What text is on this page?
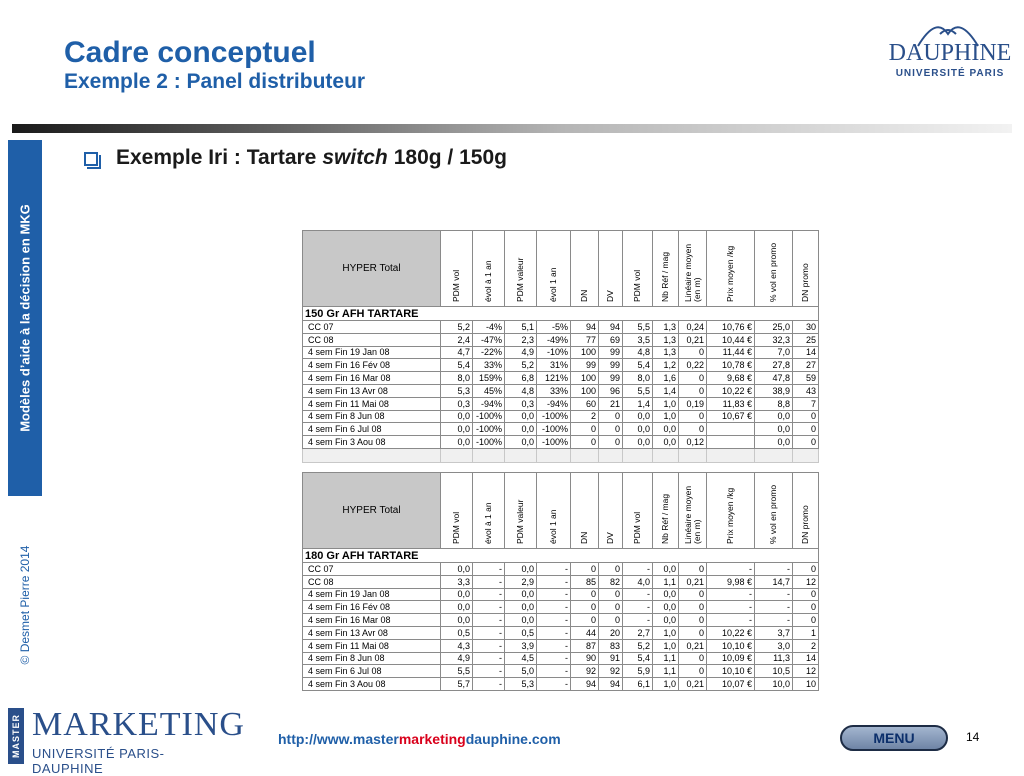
Cadre conceptuel
Exemple 2 : Panel distributeur
DAUPHINE
UNIVERSITÉ PARIS
Modèles d’aide à la décision en MKG
© Desmet Pierre 2014
Exemple Iri : Tartare switch 180g / 150g
HYPER Total	PDM vol	évol à 1 an	PDM valeur	évol 1 an	DN	DV	PDM vol	Nb Réf / mag	Linéaire moyen (en m)	Prix moyen /kg	% vol en promo	DN promo

150 Gr AFH TARTARE												
CC 07	5,2	-4%	5,1	-5%	94	94	5,5	1,3	0,24	10,76 €	25,0	30
CC 08	2,4	-47%	2,3	-49%	77	69	3,5	1,3	0,21	10,44 €	32,3	25
4 sem Fin 19 Jan 08	4,7	-22%	4,9	-10%	100	99	4,8	1,3	0	11,44 €	7,0	14
4 sem Fin 16 Fév 08	5,4	33%	5,2	31%	99	99	5,4	1,2	0,22	10,78 €	27,8	27
4 sem Fin 16 Mar 08	8,0	159%	6,8	121%	100	99	8,0	1,6	0	9,68 €	47,8	59
4 sem Fin 13 Avr 08	5,3	45%	4,8	33%	100	96	5,5	1,4	0	10,22 €	38,9	43
4 sem Fin 11 Mai 08	0,3	-94%	0,3	-94%	60	21	1,4	1,0	0,19	11,83 €	8,8	7
4 sem Fin 8 Jun 08	0,0	-100%	0,0	-100%	2	0	0,0	1,0	0	10,67 €	0,0	0
4 sem Fin 6 Jul 08	0,0	-100%	0,0	-100%	0	0	0,0	0,0	0		0,0	0
4 sem Fin 3 Aou 08	0,0	-100%	0,0	-100%	0	0	0,0	0,0	0,12		0,0	0

HYPER Total	PDM vol	évol à 1 an	PDM valeur	évol 1 an	DN	DV	PDM vol	Nb Réf / mag	Linéaire moyen (en m)	Prix moyen /kg	% vol en promo	DN promo

180 Gr AFH TARTARE												
CC 07	0,0	-	0,0	-	0	0	-	0,0	0	-	-	0
CC 08	3,3	-	2,9	-	85	82	4,0	1,1	0,21	9,98 €	14,7	12
4 sem Fin 19 Jan 08	0,0	-	0,0	-	0	0	-	0,0	0	-	-	0
4 sem Fin 16 Fév 08	0,0	-	0,0	-	0	0	-	0,0	0	-	-	0
4 sem Fin 16 Mar 08	0,0	-	0,0	-	0	0	-	0,0	0	-	-	0
4 sem Fin 13 Avr 08	0,5	-	0,5	-	44	20	2,7	1,0	0	10,22 €	3,7	1
4 sem Fin 11 Mai 08	4,3	-	3,9	-	87	83	5,2	1,0	0,21	10,10 €	3,0	2
4 sem Fin 8 Jun 08	4,9	-	4,5	-	90	91	5,4	1,1	0	10,09 €	11,3	14
4 sem Fin 6 Jul 08	5,5	-	5,0	-	92	92	5,9	1,1	0	10,10 €	10,5	12
4 sem Fin 3 Aou 08	5,7	-	5,3	-	94	94	6,1	1,0	0,21	10,07 €	10,0	10
MASTER MARKETING
UNIVERSITÉ PARIS-DAUPHINE
http://www.mastermarketingdauphine.com	MENU	14
